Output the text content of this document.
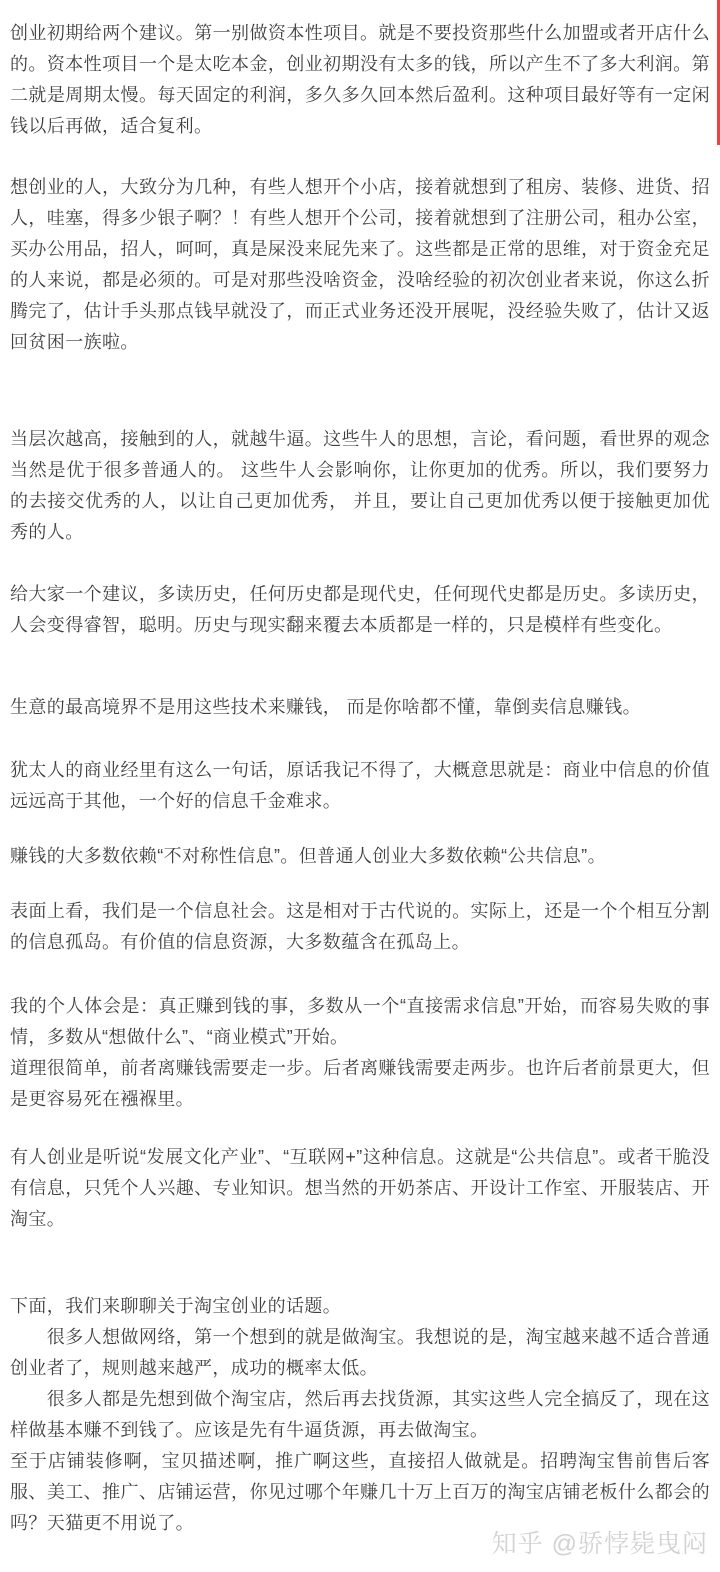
创业初期给两个建议。第一别做资本性项目。就是不要投资那些什么加盟或者开店什么的。资本性项目一个是太吃本金，创业初期没有太多的钱，所以产生不了多大利润。第二就是周期太慢。每天固定的利润，多久多久回本然后盈利。这种项目最好等有一定闲钱以后再做，适合复利。

想创业的人，大致分为几种，有些人想开个小店，接着就想到了租房、装修、进货、招人，哇塞，得多少银子啊？！有些人想开个公司，接着就想到了注册公司，租办公室，买办公用品，招人，呵呵，真是屎没来屁先来了。这些都是正常的思维，对于资金充足的人来说，都是必须的。可是对那些没啥资金，没啥经验的初次创业者来说，你这么折腾完了，估计手头那点钱早就没了，而正式业务还没开展呢，没经验失败了，估计又返回贫困一族啦。

当层次越高，接触到的人，就越牛逼。这些牛人的思想，言论，看问题，看世界的观念当然是优于很多普通人的。 这些牛人会影响你，让你更加的优秀。所以，我们要努力的去接交优秀的人，以让自己更加优秀， 并且，要让自己更加优秀以便于接触更加优秀的人。

给大家一个建议，多读历史，任何历史都是现代史，任何现代史都是历史。多读历史，人会变得睿智，聪明。历史与现实翻来覆去本质都是一样的，只是模样有些变化。

生意的最高境界不是用这些技术来赚钱， 而是你啥都不懂，靠倒卖信息赚钱。

犹太人的商业经里有这么一句话，原话我记不得了，大概意思就是：商业中信息的价值远远高于其他，一个好的信息千金难求。

赚钱的大多数依赖“不对称性信息”。但普通人创业大多数依赖“公共信息”。

表面上看，我们是一个信息社会。这是相对于古代说的。实际上，还是一个个相互分割的信息孤岛。有价值的信息资源，大多数蕴含在孤岛上。

我的个人体会是：真正赚到钱的事，多数从一个“直接需求信息”开始，而容易失败的事情，多数从“想做什么”、“商业模式”开始。

道理很简单，前者离赚钱需要走一步。后者离赚钱需要走两步。也许后者前景更大，但是更容易死在襁褓里。

有人创业是听说“发展文化产业”、“互联网+”这种信息。这就是“公共信息”。或者干脆没有信息，只凭个人兴趣、专业知识。想当然的开奶茶店、开设计工作室、开服装店、开淘宝。

下面，我们来聊聊关于淘宝创业的话题。

　　很多人想做网络，第一个想到的就是做淘宝。我想说的是，淘宝越来越不适合普通创业者了，规则越来越严，成功的概率太低。

　　很多人都是先想到做个淘宝店，然后再去找货源，其实这些人完全搞反了，现在这样做基本赚不到钱了。应该是先有牛逼货源，再去做淘宝。

至于店铺装修啊，宝贝描述啊，推广啊这些，直接招人做就是。招聘淘宝售前售后客服、美工、推广、店铺运营，你见过哪个年赚几十万上百万的淘宝店铺老板什么都会的吗？天猫更不用说了。

知乎 @骄悖毙曳闷
